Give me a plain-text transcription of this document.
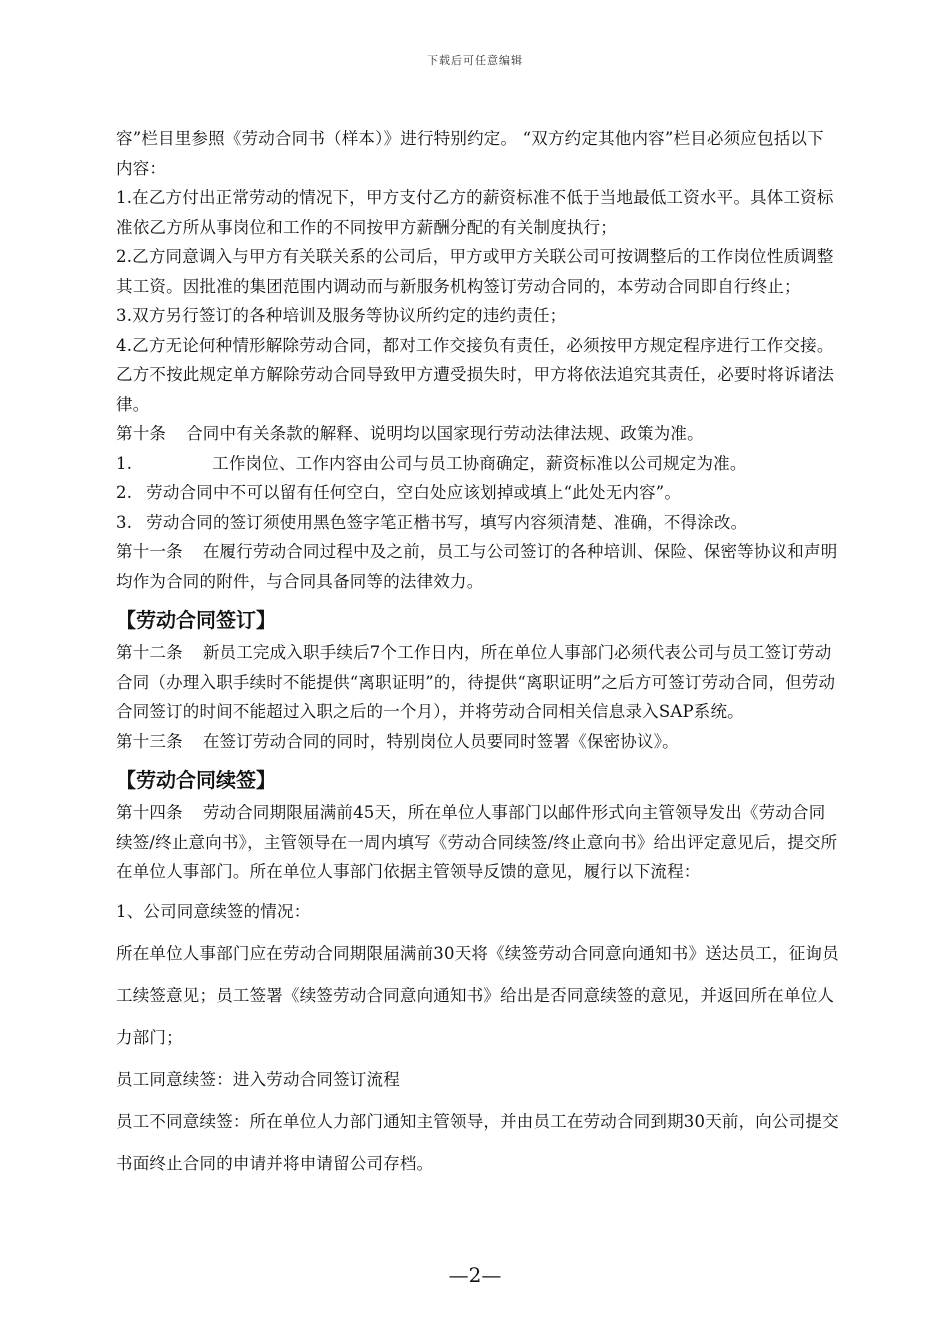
下载后可任意编辑

容”栏目里参照《劳动合同书（样本）》进行特别约定。 “双方约定其他内容”栏目必须应包括以下内容：

1.在乙方付出正常劳动的情况下，甲方支付乙方的薪资标准不低于当地最低工资水平。具体工资标准依乙方所从事岗位和工作的不同按甲方薪酬分配的有关制度执行；

2.乙方同意调入与甲方有关联关系的公司后，甲方或甲方关联公司可按调整后的工作岗位性质调整其工资。因批准的集团范围内调动而与新服务机构签订劳动合同的，本劳动合同即自行终止；

3.双方另行签订的各种培训及服务等协议所约定的违约责任；

4.乙方无论何种情形解除劳动合同，都对工作交接负有责任，必须按甲方规定程序进行工作交接。乙方不按此规定单方解除劳动合同导致甲方遭受损失时，甲方将依法追究其责任，必要时将诉诸法律。

第十条 合同中有关条款的解释、说明均以国家现行劳动法律法规、政策为准。

1.	工作岗位、工作内容由公司与员工协商确定，薪资标准以公司规定为准。

2. 劳动合同中不可以留有任何空白，空白处应该划掉或填上“此处无内容”。

3. 劳动合同的签订须使用黑色签字笔正楷书写，填写内容须清楚、准确，不得涂改。

第十一条 在履行劳动合同过程中及之前，员工与公司签订的各种培训、保险、保密等协议和声明均作为合同的附件，与合同具备同等的法律效力。

【劳动合同签订】

第十二条 新员工完成入职手续后7个工作日内，所在单位人事部门必须代表公司与员工签订劳动合同（办理入职手续时不能提供“离职证明”的，待提供“离职证明”之后方可签订劳动合同，但劳动合同签订的时间不能超过入职之后的一个月），并将劳动合同相关信息录入SAP系统。

第十三条 在签订劳动合同的同时，特别岗位人员要同时签署《保密协议》。

【劳动合同续签】

第十四条 劳动合同期限届满前45天，所在单位人事部门以邮件形式向主管领导发出《劳动合同续签/终止意向书》，主管领导在一周内填写《劳动合同续签/终止意向书》给出评定意见后，提交所在单位人事部门。所在单位人事部门依据主管领导反馈的意见，履行以下流程：

1、公司同意续签的情况：

所在单位人事部门应在劳动合同期限届满前30天将《续签劳动合同意向通知书》送达员工，征询员工续签意见；员工签署《续签劳动合同意向通知书》给出是否同意续签的意见，并返回所在单位人力部门；

员工同意续签：进入劳动合同签订流程

员工不同意续签：所在单位人力部门通知主管领导，并由员工在劳动合同到期30天前，向公司提交书面终止合同的申请并将申请留公司存档。

—2—
